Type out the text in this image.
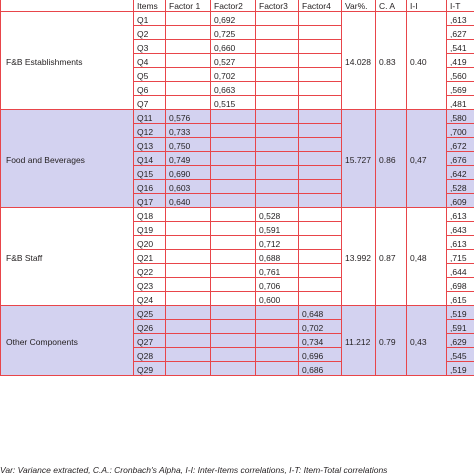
	Items	Factor 1	Factor2	Factor3	Factor4	Var%.	C. A	I-I	I-T
F&B Establishments	Q1		0,692			14.028	0.83	0.40	,613
	Q2		0,725						,627
	Q3		0,660						,541
	Q4		0,527						,419
	Q5		0,702						,560
	Q6		0,663						,569
	Q7		0,515						,481
Food and Beverages	Q11	0,576				15.727	0.86	0,47	,580
	Q12	0,733							,700
	Q13	0,750							,672
	Q14	0,749							,676
	Q15	0,690							,642
	Q16	0,603							,528
	Q17	0,640							,609
F&B Staff	Q18			0,528		13.992	0.87	0,48	,613
	Q19			0,591					,643
	Q20			0,712					,613
	Q21			0,688					,715
	Q22			0,761					,644
	Q23			0,706					,698
	Q24			0,600					,615
Other Components	Q25				0,648	11.212	0.79	0,43	,519
	Q26				0,702				,591
	Q27				0,734				,629
	Q28				0,696				,545
	Q29				0,686				,519
Var: Variance extracted, C.A.: Cronbach's Alpha, I-I: Inter-Items correlations, I-T: Item-Total correlations
